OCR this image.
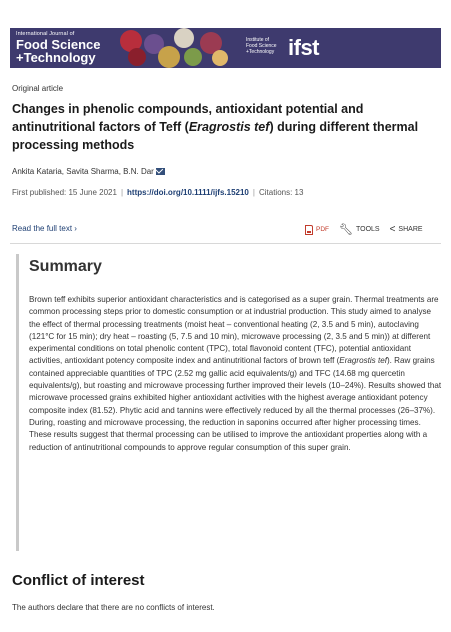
International Journal of
Food Science
+Technology
Institute of
Food Science
+Technology ifst
Original article
Changes in phenolic compounds, antioxidant potential and antinutritional factors of Teff (Eragrostis tef) during different thermal processing methods
Ankita Kataria, Savita Sharma, B.N. Dar
First published: 15 June 2021 | https://doi.org/10.1111/ijfs.15210 | Citations: 13
Read the full text ›	PDF 🔧︎ TOOLS < SHARE
Summary

Brown teff exhibits superior antioxidant characteristics and is categorised as a super grain. Thermal treatments are common processing steps prior to domestic consumption or at industrial production. This study aimed to analyse the effect of thermal processing treatments (moist heat – conventional heating (2, 3.5 and 5 min), autoclaving (121°C for 15 min); dry heat – roasting (5, 7.5 and 10 min), microwave processing (2, 3.5 and 5 min)) at different experimental conditions on total phenolic content (TPC), total flavonoid content (TFC), potential antioxidant activities, antioxidant potency composite index and antinutritional factors of brown teff (Eragrostis tef). Raw grains contained appreciable quantities of TPC (2.52 mg gallic acid equivalents/g) and TFC (14.68 mg quercetin equivalents/g), but roasting and microwave processing further improved their levels (10–24%). Results showed that microwave processed grains exhibited higher antioxidant activities with the highest average antioxidant potency composite index (81.52). Phytic acid and tannins were effectively reduced by all the thermal processes (26–37%). During, roasting and microwave processing, the reduction in saponins occurred after higher processing times. These results suggest that thermal processing can be utilised to improve the antioxidant properties along with a reduction of antinutritional compounds to approve regular consumption of this super grain.

Conflict of interest

The authors declare that there are no conflicts of interest.
